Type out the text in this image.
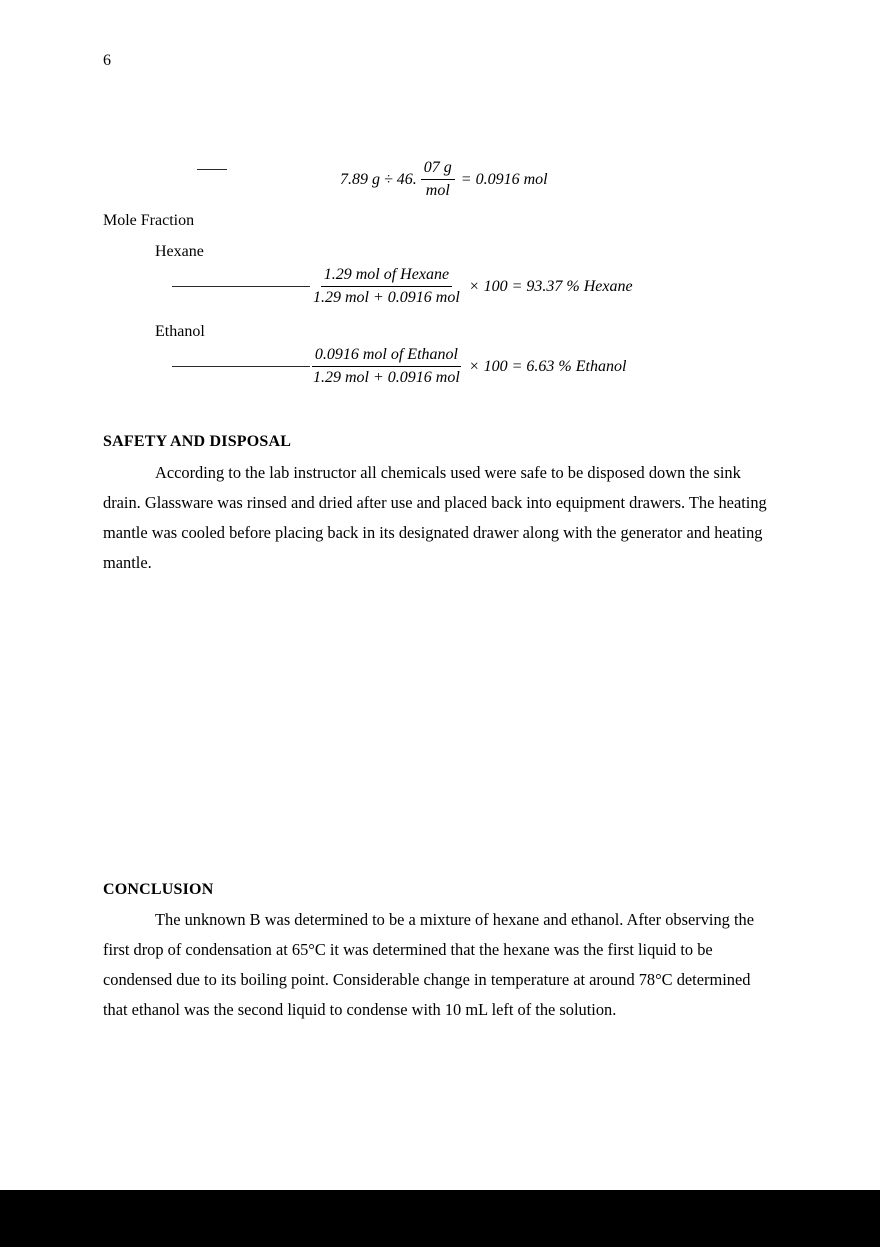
6
7.89 g ÷ 46. $\frac{07 g}{\text{mol}} = 0.0916$ mol
Mole Fraction
Hexane
$\frac{\text{1.29 mol of Hexane}}{\text{1.29 mol + 0.0916 mol}} \times 100 = 93.37$ % Hexane
Ethanol
$\frac{\text{0.0916 mol of Ethanol}}{\text{1.29 mol + 0.0916 mol}} \times 100 = 6.63$ % Ethanol
SAFETY AND DISPOSAL

According to the lab instructor all chemicals used were safe to be disposed down the sink drain. Glassware was rinsed and dried after use and placed back into equipment drawers. The heating mantle was cooled before placing back in its designated drawer along with the generator and heating mantle.

CONCLUSION

The unknown B was determined to be a mixture of hexane and ethanol. After observing the first drop of condensation at 65°C it was determined that the hexane was the first liquid to be condensed due to its boiling point. Considerable change in temperature at around 78°C determined that ethanol was the second liquid to condense with 10 mL left of the solution.
